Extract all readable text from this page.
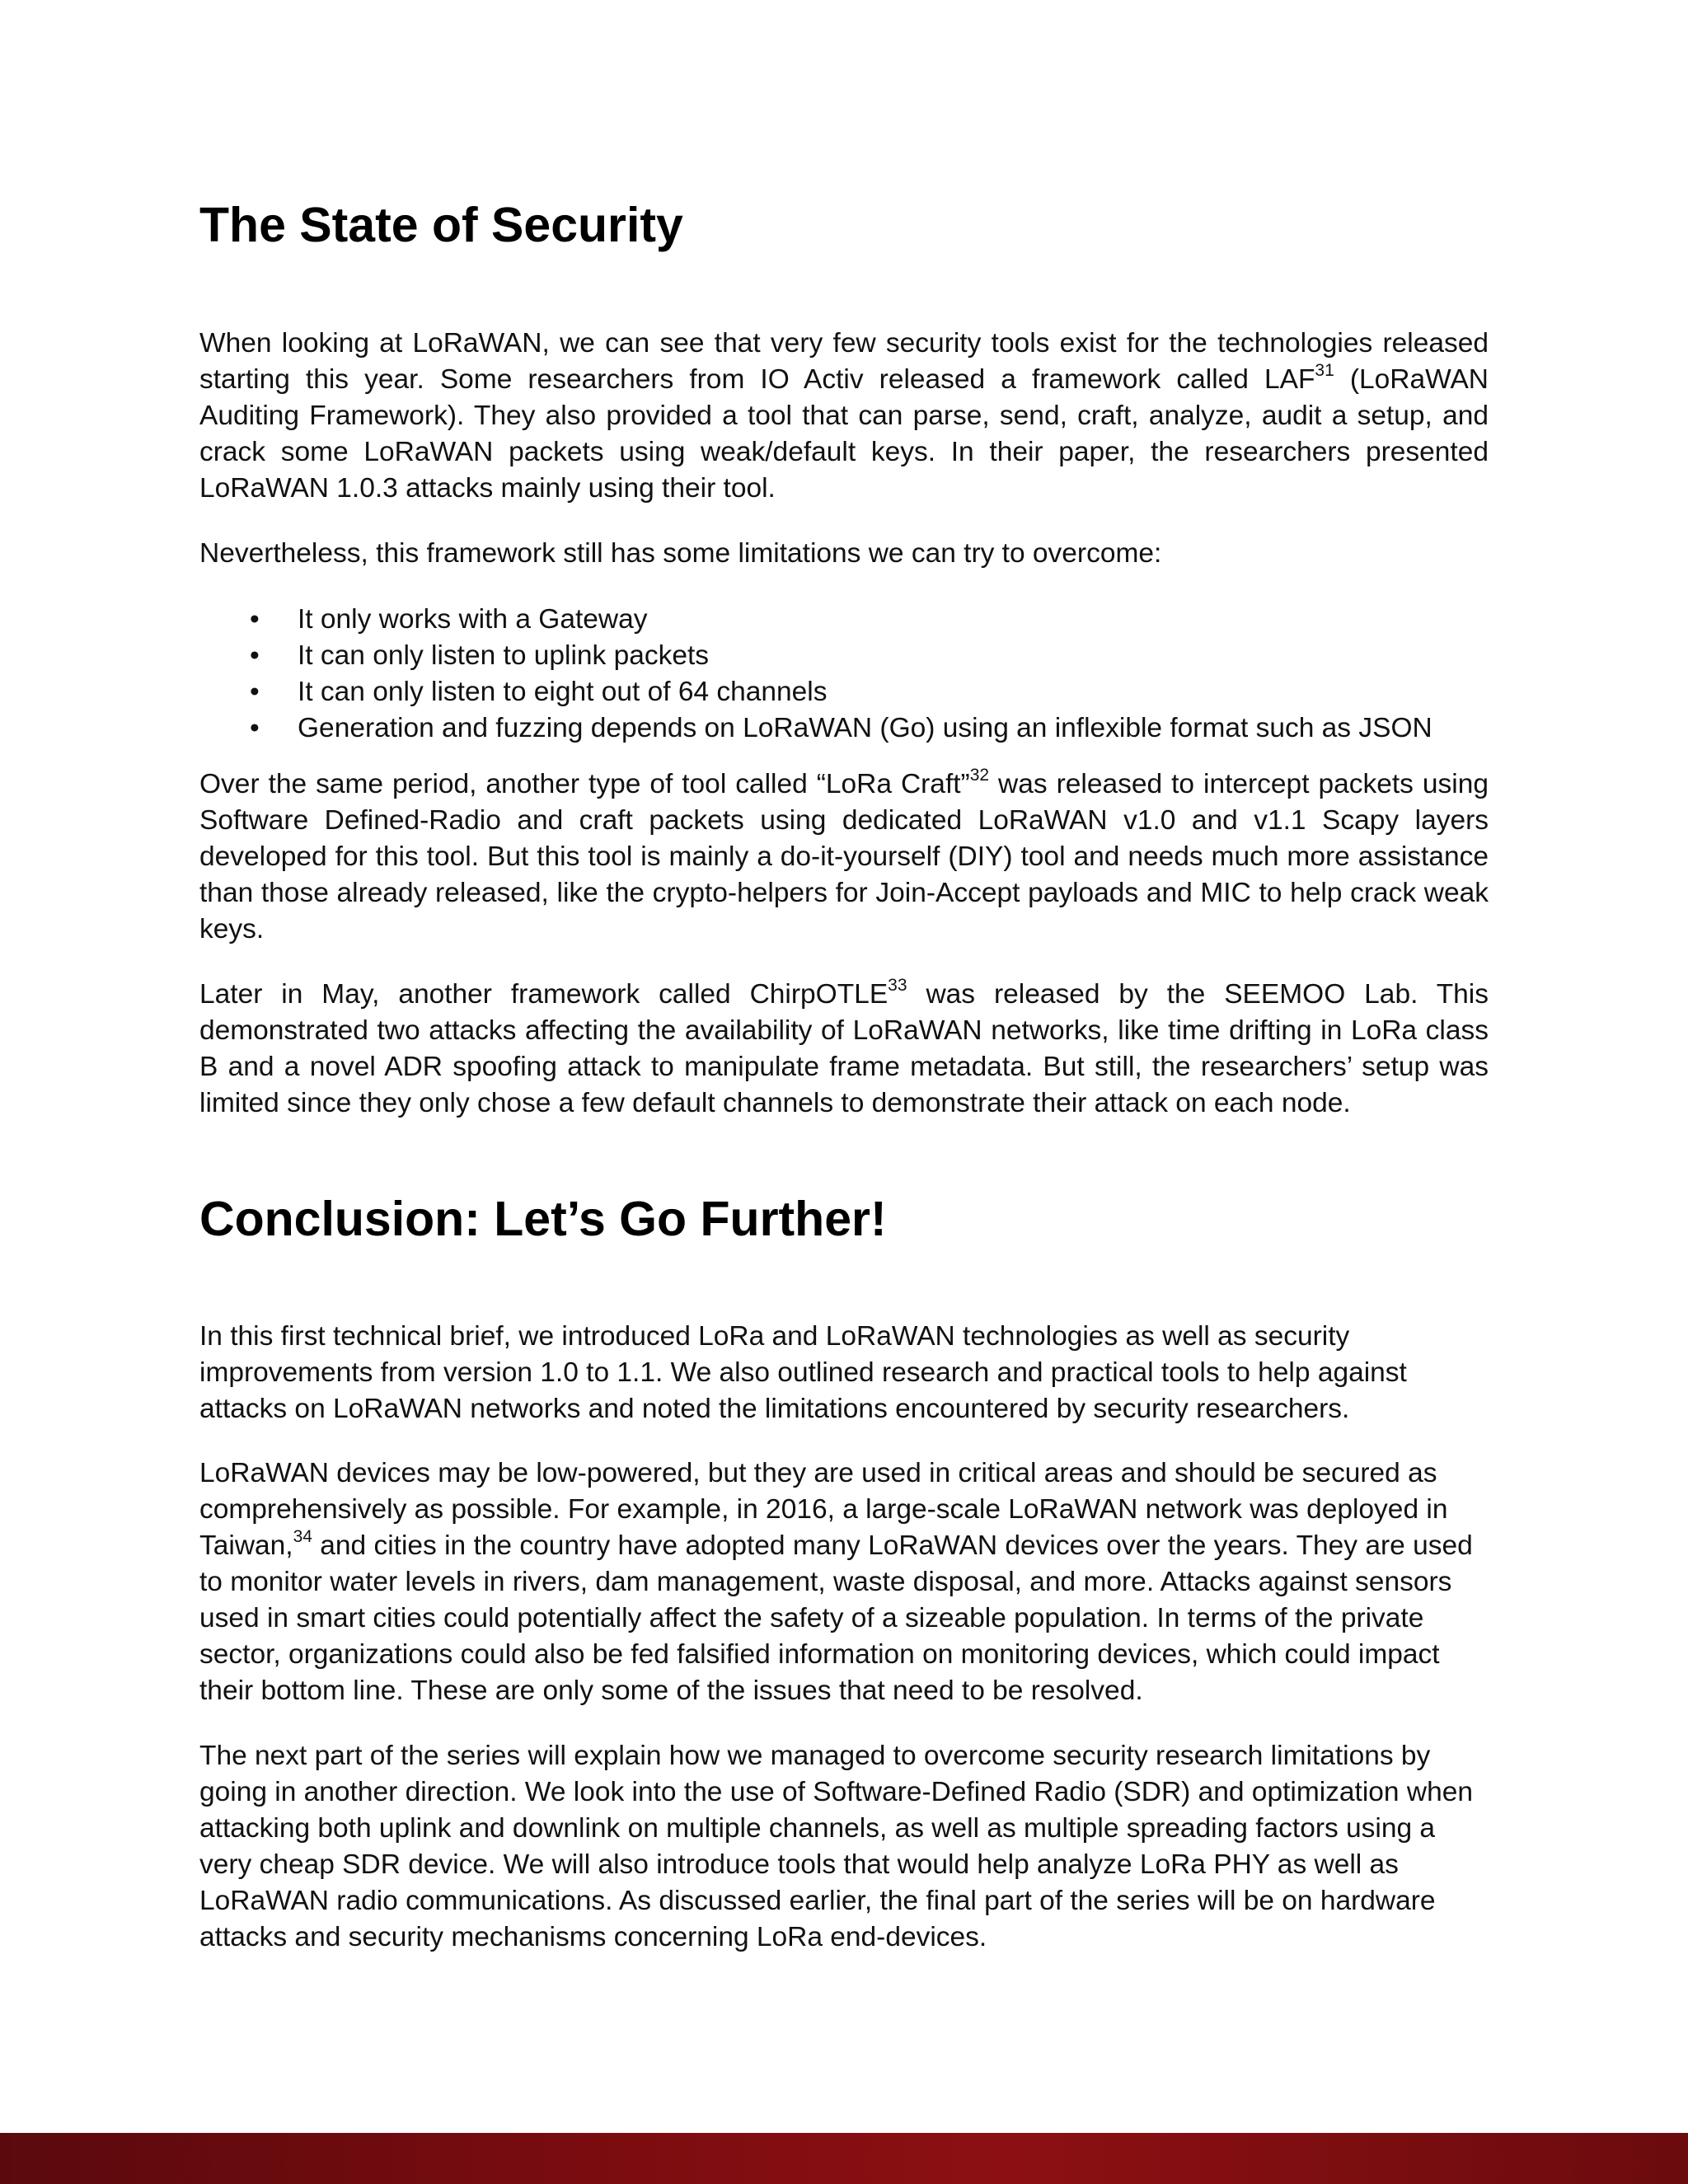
The State of Security

When looking at LoRaWAN, we can see that very few security tools exist for the technologies released starting this year. Some researchers from IO Activ released a framework called LAF$^{31}$ (LoRaWAN Auditing Framework). They also provided a tool that can parse, send, craft, analyze, audit a setup, and crack some LoRaWAN packets using weak/default keys. In their paper, the researchers presented LoRaWAN 1.0.3 attacks mainly using their tool.

Nevertheless, this framework still has some limitations we can try to overcome:

• It only works with a Gateway
• It can only listen to uplink packets
• It can only listen to eight out of 64 channels
• Generation and fuzzing depends on LoRaWAN (Go) using an inflexible format such as JSON

Over the same period, another type of tool called “LoRa Craft”$^{32}$ was released to intercept packets using Software Defined-Radio and craft packets using dedicated LoRaWAN v1.0 and v1.1 Scapy layers developed for this tool. But this tool is mainly a do-it-yourself (DIY) tool and needs much more assistance than those already released, like the crypto-helpers for Join-Accept payloads and MIC to help crack weak keys.

Later in May, another framework called ChirpOTLE$^{33}$ was released by the SEEMOO Lab. This demonstrated two attacks affecting the availability of LoRaWAN networks, like time drifting in LoRa class B and a novel ADR spoofing attack to manipulate frame metadata. But still, the researchers’ setup was limited since they only chose a few default channels to demonstrate their attack on each node.

Conclusion: Let’s Go Further!

In this first technical brief, we introduced LoRa and LoRaWAN technologies as well as security improvements from version 1.0 to 1.1. We also outlined research and practical tools to help against attacks on LoRaWAN networks and noted the limitations encountered by security researchers.

LoRaWAN devices may be low-powered, but they are used in critical areas and should be secured as comprehensively as possible. For example, in 2016, a large-scale LoRaWAN network was deployed in Taiwan,$^{34}$ and cities in the country have adopted many LoRaWAN devices over the years. They are used to monitor water levels in rivers, dam management, waste disposal, and more. Attacks against sensors used in smart cities could potentially affect the safety of a sizeable population. In terms of the private sector, organizations could also be fed falsified information on monitoring devices, which could impact their bottom line. These are only some of the issues that need to be resolved.

The next part of the series will explain how we managed to overcome security research limitations by going in another direction. We look into the use of Software-Defined Radio (SDR) and optimization when attacking both uplink and downlink on multiple channels, as well as multiple spreading factors using a very cheap SDR device. We will also introduce tools that would help analyze LoRa PHY as well as LoRaWAN radio communications. As discussed earlier, the final part of the series will be on hardware attacks and security mechanisms concerning LoRa end-devices.
